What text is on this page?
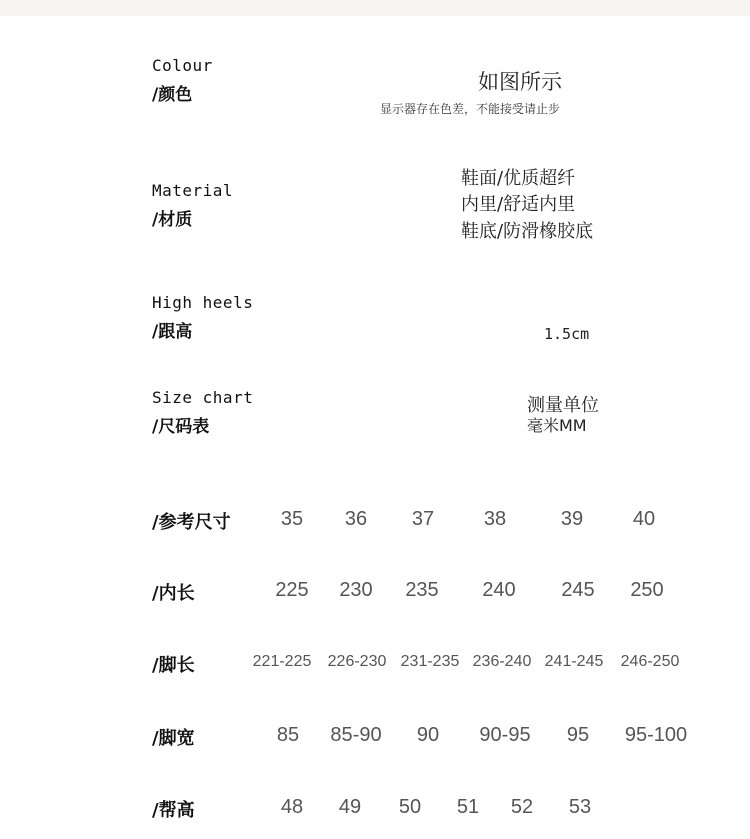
Colour
/颜色
如图所示
显示器存在色差，不能接受请止步
Material
/材质
鞋面/优质超纤
内里/舒适内里
鞋底/防滑橡胶底
High heels
/跟高	1.5cm
Size chart
/尺码表
测量单位
毫米MM
/参考尺寸	35 36 37 38	39 40
/内长	225 230 235 240 245 250
/脚长	221-225 226-230 231-235 236-240 241-245 246-250
/脚宽	85 85-90 90 90-95 95 95-100
/帮高	48 49 50 51 52 53
